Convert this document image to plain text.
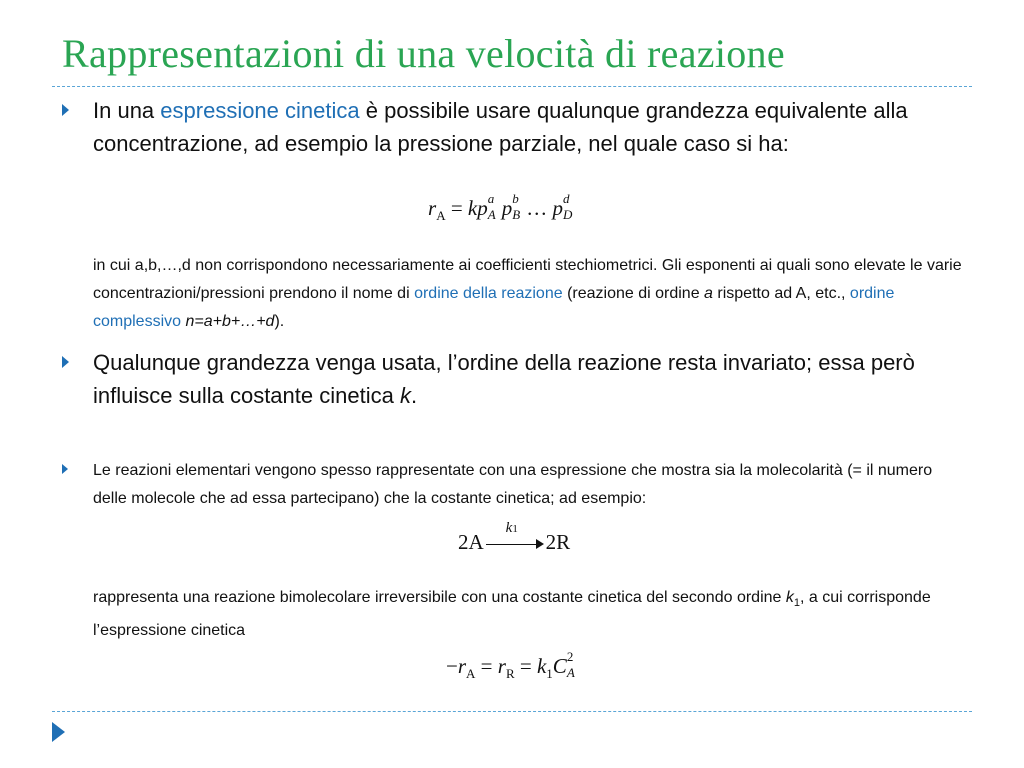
Rappresentazioni di una velocità di reazione
In una espressione cinetica è possibile usare qualunque grandezza equivalente alla concentrazione, ad esempio la pressione parziale, nel quale caso si ha:
$r_A$ = kp a
A p b
B … p d
D
in cui a,b,…,d non corrispondono necessariamente ai coefficienti stechiometrici. Gli esponenti ai quali sono elevate le varie concentrazioni/pressioni prendono il nome di ordine della reazione (reazione di ordine a rispetto ad A, etc., ordine complessivo n=a+b+…+d).
Qualunque grandezza venga usata, l’ordine della reazione resta invariato; essa però influisce sulla costante cinetica k.
Le reazioni elementari vengono spesso rappresentate con una espressione che mostra sia la molecolarità (= il numero delle molecole che ad essa partecipano) che la costante cinetica; ad esempio:
2A
k1
2R
rappresenta una reazione bimolecolare irreversibile con una costante cinetica del secondo ordine $k_1$, a cui corrisponde l’espressione cinetica
$-r_A = r_R = k_1C$ 2
A
